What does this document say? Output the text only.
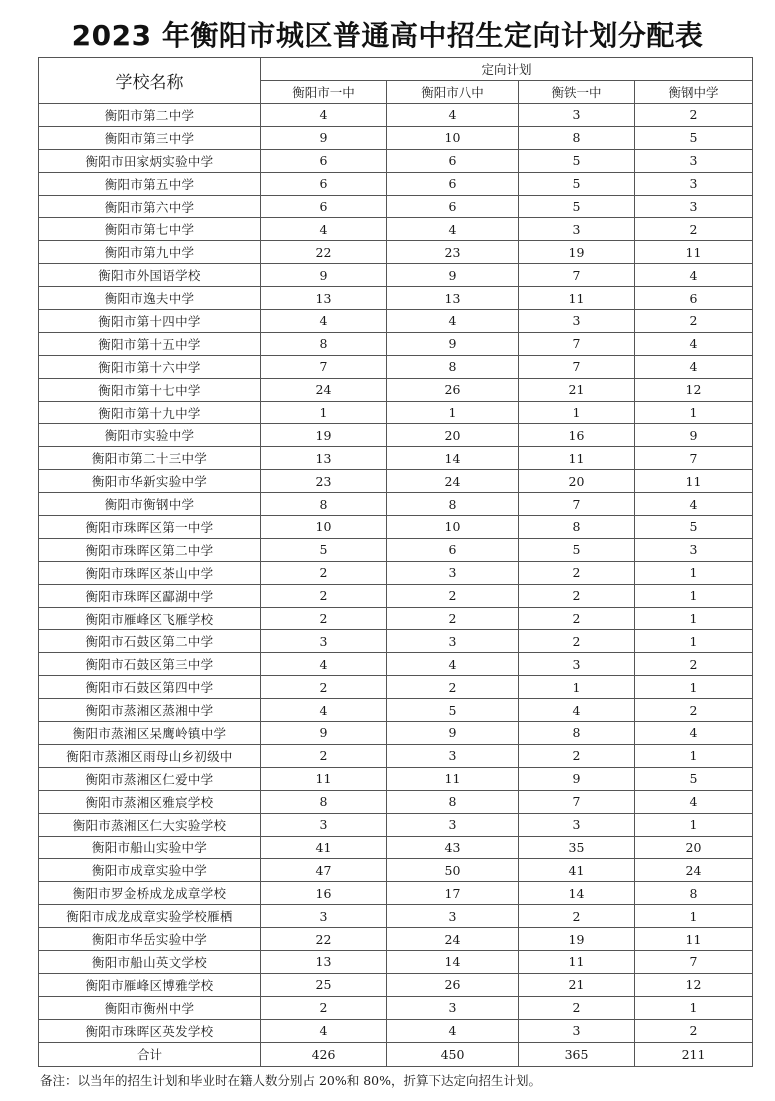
2023 年衡阳市城区普通高中招生定向计划分配表
学校名称	定向计划			
	衡阳市一中	衡阳市八中	衡铁一中	衡钢中学
衡阳市第二中学	4	4	3	2
衡阳市第三中学	9	10	8	5
衡阳市田家炳实验中学	6	6	5	3
衡阳市第五中学	6	6	5	3
衡阳市第六中学	6	6	5	3
衡阳市第七中学	4	4	3	2
衡阳市第九中学	22	23	19	11
衡阳市外国语学校	9	9	7	4
衡阳市逸夫中学	13	13	11	6
衡阳市第十四中学	4	4	3	2
衡阳市第十五中学	8	9	7	4
衡阳市第十六中学	7	8	7	4
衡阳市第十七中学	24	26	21	12
衡阳市第十九中学	1	1	1	1
衡阳市实验中学	19	20	16	9
衡阳市第二十三中学	13	14	11	7
衡阳市华新实验中学	23	24	20	11
衡阳市衡钢中学	8	8	7	4
衡阳市珠晖区第一中学	10	10	8	5
衡阳市珠晖区第二中学	5	6	5	3
衡阳市珠晖区茶山中学	2	3	2	1
衡阳市珠晖区酃湖中学	2	2	2	1
衡阳市雁峰区飞雁学校	2	2	2	1
衡阳市石鼓区第二中学	3	3	2	1
衡阳市石鼓区第三中学	4	4	3	2
衡阳市石鼓区第四中学	2	2	1	1
衡阳市蒸湘区蒸湘中学	4	5	4	2
衡阳市蒸湘区呆鹰岭镇中学	9	9	8	4
衡阳市蒸湘区雨母山乡初级中	2	3	2	1
衡阳市蒸湘区仁爱中学	11	11	9	5
衡阳市蒸湘区雅宸学校	8	8	7	4
衡阳市蒸湘区仁大实验学校	3	3	3	1
衡阳市船山实验中学	41	43	35	20
衡阳市成章实验中学	47	50	41	24
衡阳市罗金桥成龙成章学校	16	17	14	8
衡阳市成龙成章实验学校雁栖	3	3	2	1
衡阳市华岳实验中学	22	24	19	11
衡阳市船山英文学校	13	14	11	7
衡阳市雁峰区博雅学校	25	26	21	12
衡阳市衡州中学	2	3	2	1
衡阳市珠晖区英发学校	4	4	3	2
合计	426	450	365	211
备注：以当年的招生计划和毕业时在籍人数分别占 20%和 80%，折算下达定向招生计划。
